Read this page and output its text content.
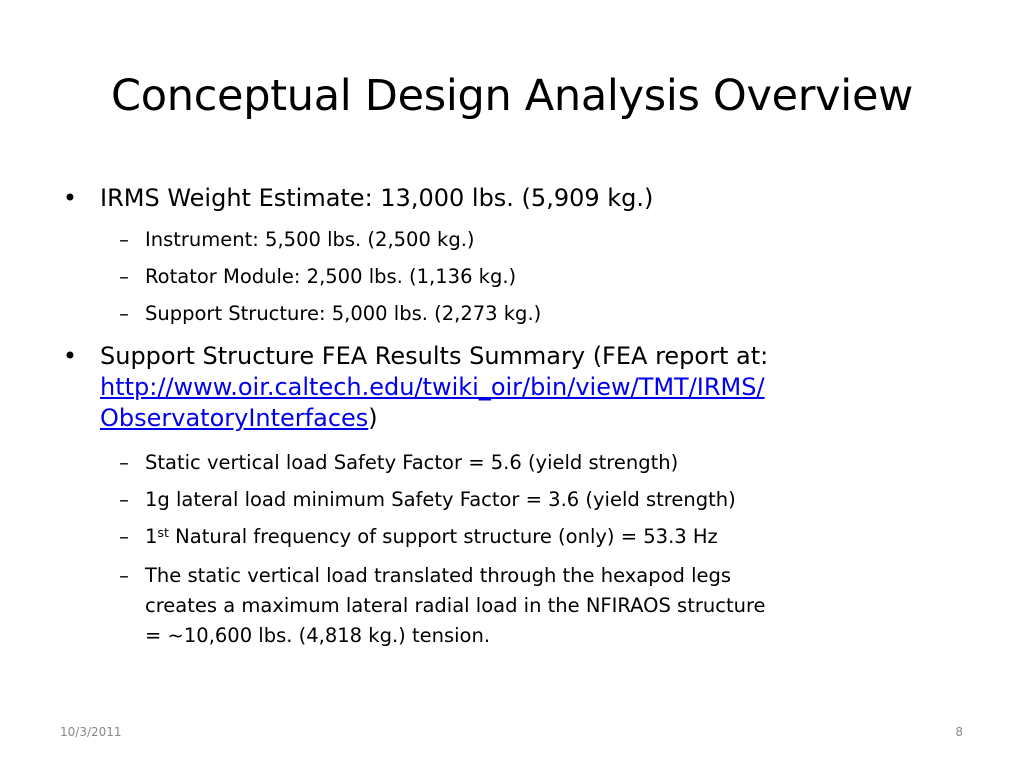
Conceptual Design Analysis Overview
• IRMS Weight Estimate: 13,000 lbs. (5,909 kg.)
– Instrument: 5,500 lbs. (2,500 kg.)
– Rotator Module: 2,500 lbs. (1,136 kg.)
– Support Structure: 5,000 lbs. (2,273 kg.)
• Support Structure FEA Results Summary (FEA report at:
http://www.oir.caltech.edu/twiki_oir/bin/view/TMT/IRMS/
ObservatoryInterfaces)
– Static vertical load Safety Factor = 5.6 (yield strength)
– 1g lateral load minimum Safety Factor = 3.6 (yield strength)
– 1st Natural frequency of support structure (only) = 53.3 Hz
– The static vertical load translated through the hexapod legs
creates a maximum lateral radial load in the NFIRAOS structure
= ~10,600 lbs. (4,818 kg.) tension.
10/3/2011	8
